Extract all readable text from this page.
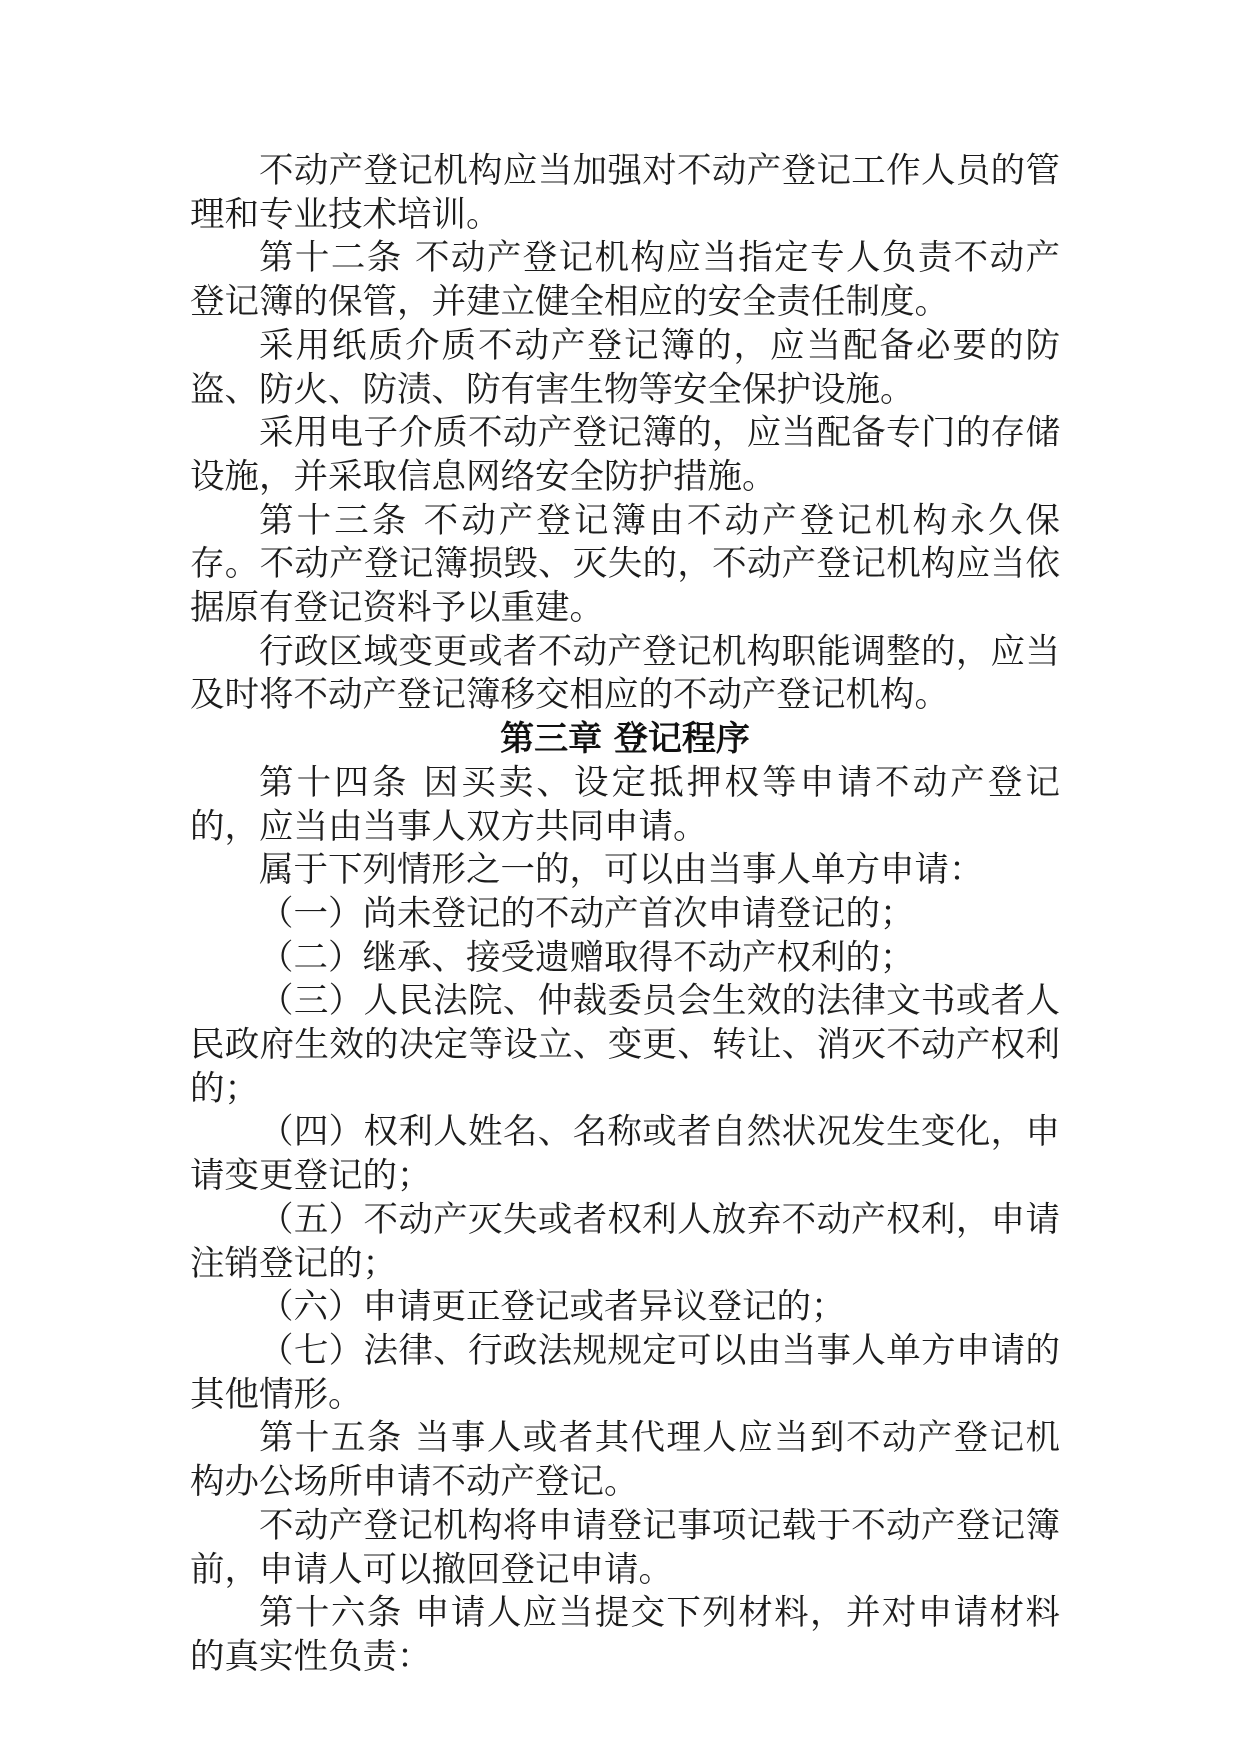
不动产登记机构应当加强对不动产登记工作人员的管理和专业技术培训。

第十二条 不动产登记机构应当指定专人负责不动产登记簿的保管，并建立健全相应的安全责任制度。

采用纸质介质不动产登记簿的，应当配备必要的防盗、防火、防渍、防有害生物等安全保护设施。

采用电子介质不动产登记簿的，应当配备专门的存储设施，并采取信息网络安全防护措施。

第十三条 不动产登记簿由不动产登记机构永久保存。不动产登记簿损毁、灭失的，不动产登记机构应当依据原有登记资料予以重建。

行政区域变更或者不动产登记机构职能调整的，应当及时将不动产登记簿移交相应的不动产登记机构。

第三章 登记程序

第十四条 因买卖、设定抵押权等申请不动产登记的，应当由当事人双方共同申请。

属于下列情形之一的，可以由当事人单方申请：

（一）尚未登记的不动产首次申请登记的；

（二）继承、接受遗赠取得不动产权利的；

（三）人民法院、仲裁委员会生效的法律文书或者人民政府生效的决定等设立、变更、转让、消灭不动产权利的；

（四）权利人姓名、名称或者自然状况发生变化，申请变更登记的；

（五）不动产灭失或者权利人放弃不动产权利，申请注销登记的；

（六）申请更正登记或者异议登记的；

（七）法律、行政法规规定可以由当事人单方申请的其他情形。

第十五条 当事人或者其代理人应当到不动产登记机构办公场所申请不动产登记。

不动产登记机构将申请登记事项记载于不动产登记簿前，申请人可以撤回登记申请。

第十六条 申请人应当提交下列材料，并对申请材料的真实性负责：
